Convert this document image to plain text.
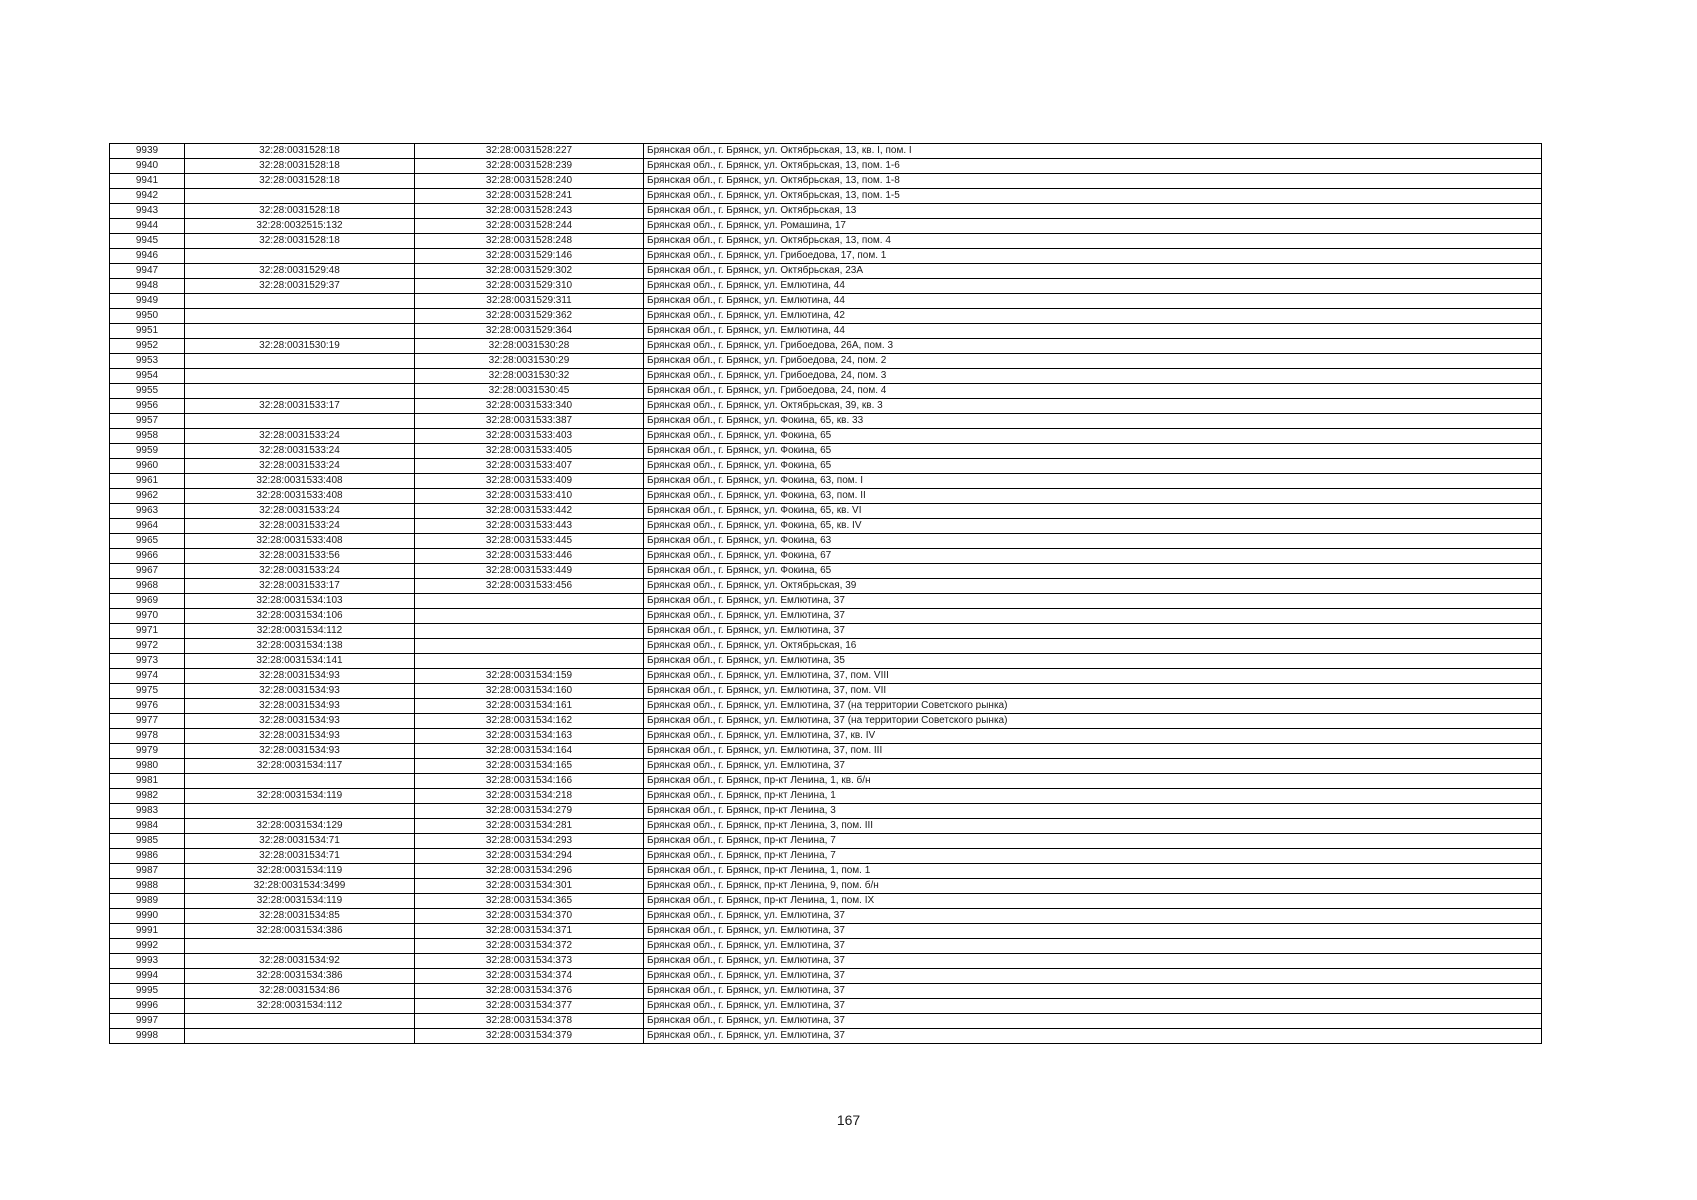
9939	32:28:0031528:18	32:28:0031528:227	Брянская обл., г. Брянск, ул. Октябрьская, 13, кв. I, пом. I
9940	32:28:0031528:18	32:28:0031528:239	Брянская обл., г. Брянск, ул. Октябрьская, 13, пом. 1-6
9941	32:28:0031528:18	32:28:0031528:240	Брянская обл., г. Брянск, ул. Октябрьская, 13, пом. 1-8
9942		32:28:0031528:241	Брянская обл., г. Брянск, ул. Октябрьская, 13, пом. 1-5
9943	32:28:0031528:18	32:28:0031528:243	Брянская обл., г. Брянск, ул. Октябрьская, 13
9944	32:28:0032515:132	32:28:0031528:244	Брянская обл., г. Брянск, ул. Ромашина, 17
9945	32:28:0031528:18	32:28:0031528:248	Брянская обл., г. Брянск, ул. Октябрьская, 13, пом. 4
9946		32:28:0031529:146	Брянская обл., г. Брянск, ул. Грибоедова, 17, пом. 1
9947	32:28:0031529:48	32:28:0031529:302	Брянская обл., г. Брянск, ул. Октябрьская, 23А
9948	32:28:0031529:37	32:28:0031529:310	Брянская обл., г. Брянск, ул. Емлютина, 44
9949		32:28:0031529:311	Брянская обл., г. Брянск, ул. Емлютина, 44
9950		32:28:0031529:362	Брянская обл., г. Брянск, ул. Емлютина, 42
9951		32:28:0031529:364	Брянская обл., г. Брянск, ул. Емлютина, 44
9952	32:28:0031530:19	32:28:0031530:28	Брянская обл., г. Брянск, ул. Грибоедова, 26А, пом. 3
9953		32:28:0031530:29	Брянская обл., г. Брянск, ул. Грибоедова, 24, пом. 2
9954		32:28:0031530:32	Брянская обл., г. Брянск, ул. Грибоедова, 24, пом. 3
9955		32:28:0031530:45	Брянская обл., г. Брянск, ул. Грибоедова, 24, пом. 4
9956	32:28:0031533:17	32:28:0031533:340	Брянская обл., г. Брянск, ул. Октябрьская, 39, кв. 3
9957		32:28:0031533:387	Брянская обл., г. Брянск, ул. Фокина, 65, кв. 33
9958	32:28:0031533:24	32:28:0031533:403	Брянская обл., г. Брянск, ул. Фокина, 65
9959	32:28:0031533:24	32:28:0031533:405	Брянская обл., г. Брянск, ул. Фокина, 65
9960	32:28:0031533:24	32:28:0031533:407	Брянская обл., г. Брянск, ул. Фокина, 65
9961	32:28:0031533:408	32:28:0031533:409	Брянская обл., г. Брянск, ул. Фокина, 63, пом. I
9962	32:28:0031533:408	32:28:0031533:410	Брянская обл., г. Брянск, ул. Фокина, 63, пом. II
9963	32:28:0031533:24	32:28:0031533:442	Брянская обл., г. Брянск, ул. Фокина, 65, кв. VI
9964	32:28:0031533:24	32:28:0031533:443	Брянская обл., г. Брянск, ул. Фокина, 65, кв. IV
9965	32:28:0031533:408	32:28:0031533:445	Брянская обл., г. Брянск, ул. Фокина, 63
9966	32:28:0031533:56	32:28:0031533:446	Брянская обл., г. Брянск, ул. Фокина, 67
9967	32:28:0031533:24	32:28:0031533:449	Брянская обл., г. Брянск, ул. Фокина, 65
9968	32:28:0031533:17	32:28:0031533:456	Брянская обл., г. Брянск, ул. Октябрьская, 39
9969	32:28:0031534:103		Брянская обл., г. Брянск, ул. Емлютина, 37
9970	32:28:0031534:106		Брянская обл., г. Брянск, ул. Емлютина, 37
9971	32:28:0031534:112		Брянская обл., г. Брянск, ул. Емлютина, 37
9972	32:28:0031534:138		Брянская обл., г. Брянск, ул. Октябрьская, 16
9973	32:28:0031534:141		Брянская обл., г. Брянск, ул. Емлютина, 35
9974	32:28:0031534:93	32:28:0031534:159	Брянская обл., г. Брянск, ул. Емлютина, 37, пом. VIII
9975	32:28:0031534:93	32:28:0031534:160	Брянская обл., г. Брянск, ул. Емлютина, 37, пом. VII
9976	32:28:0031534:93	32:28:0031534:161	Брянская обл., г. Брянск, ул. Емлютина, 37 (на территории Советского рынка)
9977	32:28:0031534:93	32:28:0031534:162	Брянская обл., г. Брянск, ул. Емлютина, 37 (на территории Советского рынка)
9978	32:28:0031534:93	32:28:0031534:163	Брянская обл., г. Брянск, ул. Емлютина, 37, кв. IV
9979	32:28:0031534:93	32:28:0031534:164	Брянская обл., г. Брянск, ул. Емлютина, 37, пом. III
9980	32:28:0031534:117	32:28:0031534:165	Брянская обл., г. Брянск, ул. Емлютина, 37
9981		32:28:0031534:166	Брянская обл., г. Брянск, пр-кт Ленина, 1, кв. б/н
9982	32:28:0031534:119	32:28:0031534:218	Брянская обл., г. Брянск, пр-кт Ленина, 1
9983		32:28:0031534:279	Брянская обл., г. Брянск, пр-кт Ленина, 3
9984	32:28:0031534:129	32:28:0031534:281	Брянская обл., г. Брянск, пр-кт Ленина, 3, пом. III
9985	32:28:0031534:71	32:28:0031534:293	Брянская обл., г. Брянск, пр-кт Ленина, 7
9986	32:28:0031534:71	32:28:0031534:294	Брянская обл., г. Брянск, пр-кт Ленина, 7
9987	32:28:0031534:119	32:28:0031534:296	Брянская обл., г. Брянск, пр-кт Ленина, 1, пом. 1
9988	32:28:0031534:3499	32:28:0031534:301	Брянская обл., г. Брянск, пр-кт Ленина, 9, пом. б/н
9989	32:28:0031534:119	32:28:0031534:365	Брянская обл., г. Брянск, пр-кт Ленина, 1, пом. IX
9990	32:28:0031534:85	32:28:0031534:370	Брянская обл., г. Брянск, ул. Емлютина, 37
9991	32:28:0031534:386	32:28:0031534:371	Брянская обл., г. Брянск, ул. Емлютина, 37
9992		32:28:0031534:372	Брянская обл., г. Брянск, ул. Емлютина, 37
9993	32:28:0031534:92	32:28:0031534:373	Брянская обл., г. Брянск, ул. Емлютина, 37
9994	32:28:0031534:386	32:28:0031534:374	Брянская обл., г. Брянск, ул. Емлютина, 37
9995	32:28:0031534:86	32:28:0031534:376	Брянская обл., г. Брянск, ул. Емлютина, 37
9996	32:28:0031534:112	32:28:0031534:377	Брянская обл., г. Брянск, ул. Емлютина, 37
9997		32:28:0031534:378	Брянская обл., г. Брянск, ул. Емлютина, 37
9998		32:28:0031534:379	Брянская обл., г. Брянск, ул. Емлютина, 37
167
